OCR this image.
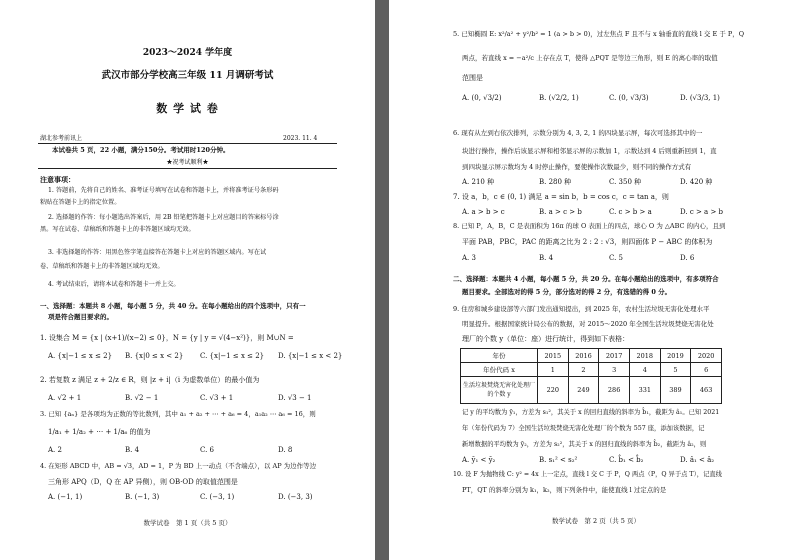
2023～2024 学年度
武汉市部分学校高三年级 11 月调研考试
数 学 试 卷
湖北参考前讯上	2023. 11. 4
本试卷共 5 页，22 小题，满分150分。考试用时120分钟。
★祝考试顺利★
注意事项：
1. 答题前，先将自己的姓名、准考证号填写在试卷和答题卡上，并将准考证号条形码
粘贴在答题卡上的指定位置。
2. 选择题的作答：每小题选出答案后，用 2B 铅笔把答题卡上对应题目的答案标号涂
黑。写在试卷、草稿纸和答题卡上的非答题区域均无效。
3. 非选择题的作答：用黑色签字笔直接答在答题卡上对应的答题区域内。写在试
卷、草稿纸和答题卡上的非答题区域均无效。
4. 考试结束后，请将本试卷和答题卡一并上交。
一、选择题：本题共 8 小题，每小题 5 分，共 40 分。在每小题给出的四个选项中，只有一
项是符合题目要求的。
1. 设集合 M = {x | (x+1)/(x−2) ≤ 0}，N = {y | y = √(4−x²)}，则 M∪N =
A. {x|−1 ≤ x ≤ 2} B. {x|0 ≤ x < 2} C. {x|−1 ≤ x ≤ 2} D. {x|−1 ≤ x < 2}
2. 若复数 z 满足 z + 2/z ∈ R，则 |z + i|（i 为虚数单位）的最小值为
A. √2 + 1	B. √2 − 1	C. √3 + 1	D. √3 − 1
3. 已知 {aₙ} 是各项均为正数的等比数列，其中 a₁ + a₂ + ⋯ + a₆ = 4，a₁a₂ ⋯ a₆ = 16，则
1/a₁ + 1/a₂ + ⋯ + 1/a₆ 的值为
A. 2	B. 4	C. 6	D. 8
4. 在矩形 ABCD 中，AB = √3，AD = 1，P 为 BD 上一动点（不含端点），以 AP 为边作等边
三角形 APQ（D，Q 在 AP 异侧），则 OB·OD 的取值范围是
A. (−1, 1)	B. (−1, 3)	C. (−3, 1)	D. (−3, 3)
数学试卷　第 1 页（共 5 页）
5. 已知椭圆 E: x²/a² + y²/b² = 1 (a > b > 0)，过左焦点 F 且不与 x 轴垂直的直线 l 交 E 于 P，Q
两点，若直线 x = −a²/c 上存在点 T，使得 △PQT 是等边三角形，则 E 的离心率的取值
范围是
A. (0, √3/2)	B. (√2/2, 1)	C. (0, √3/3)	D. (√3/3, 1)
6. 现有从左到右依次排列，示数分别为 4, 3, 2, 1 的四块显示屏，每次可选择其中的一
块进行操作，操作后该显示屏和相邻显示屏的示数加 1，示数达到 4 后则重新回到 1，直
到四块显示屏示数均为 4 时停止操作，要使操作次数最少，则不同的操作方式有
A. 210 种	B. 280 种	C. 350 种	D. 420 种
7. 设 a，b，c ∈ (0, 1) 满足 a = sin b，b = cos c，c = tan a，则
A. a > b > c	B. a > c > b	C. c > b > a	D. c > a > b
8. 已知 P，A，B，C 是表面积为 16π 的球 O 表面上的四点，球心 O 为 △ABC 的内心，且到
平面 PAB，PBC，PAC 的距离之比为 2 : 2 : √3，则四面体 P − ABC 的体积为
A. 3	B. 4	C. 5	D. 6
二、选择题：本题共 4 小题，每小题 5 分，共 20 分。在每小题给出的选项中，有多项符合
题目要求。全部选对的得 5 分，部分选对的得 2 分，有选错的得 0 分。
9. 住房和城乡建设部等六部门发出通知提出，到 2025 年，农村生活垃圾无害化处理水平
明显提升。根据国家统计局公布的数据，对 2015～2020 年全国生活垃圾焚烧无害化处
理厂的个数 y（单位：座）进行统计，得到如下表格：
年份	2015	2016	2017	2018	2019	2020
年份代码 x	1	2	3	4	5	6
生活垃圾焚烧无害化处理厂的个数 y	220	249	286	331	389	463
记 y 的平均数为 ȳ₁，方差为 s₁²，其关于 x 的回归直线的斜率为 b̂₁，截距为 â₁。已知 2021
年（年份代码为 7）全国生活垃圾焚烧无害化处理厂的个数为 557 座，添加该数据，记
新增数据的平均数为 ȳ₂，方差为 s₂²，其关于 x 的回归直线的斜率为 b̂₂，截距为 â₂，则
A. ȳ₁ < ȳ₂	B. s₁² < s₂²	C. b̂₁ < b̂₂	D. â₁ < â₂
10. 设 F 为抛物线 C: y² = 4x 上一定点，直线 l 交 C 于 P，Q 两点（P，Q 异于点 T），记直线
PT，QT 的斜率分别为 k₁，k₂，则下列条件中，能使直线 l 过定点的是
数学试卷　第 2 页（共 5 页）
